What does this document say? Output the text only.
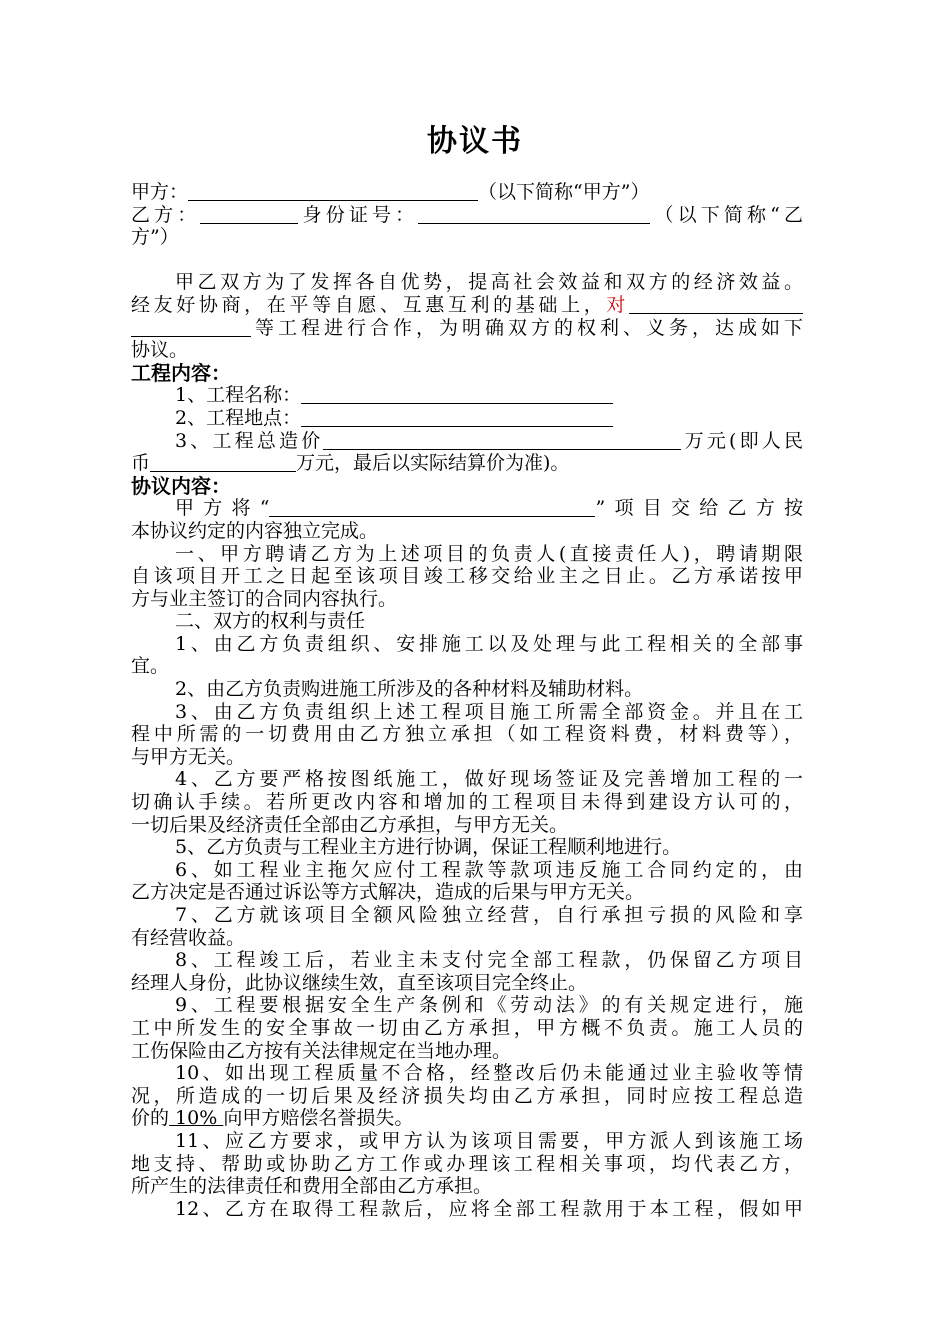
协议书
甲方：	（以下简称“甲方”）
乙方：	身份证号：	（以下简称“乙
方”）
甲乙双方为了发挥各自优势，提高社会效益和双方的经济效益。
经友好协商，在平等自愿、互惠互利的基础上，对
等工程进行合作，为明确双方的权利、义务，达成如下
协议。
工程内容：
1、工程名称：
2、工程地点：
3、工程总造价	万元(即人民
币	万元，最后以实际结算价为准)。
协议内容：
甲方将“	”项目交给乙方按
本协议约定的内容独立完成。
一、甲方聘请乙方为上述项目的负责人(直接责任人)，聘请期限
自该项目开工之日起至该项目竣工移交给业主之日止。乙方承诺按甲
方与业主签订的合同内容执行。
二、双方的权利与责任
1、由乙方负责组织、安排施工以及处理与此工程相关的全部事
宜。
2、由乙方负责购进施工所涉及的各种材料及辅助材料。
3、由乙方负责组织上述工程项目施工所需全部资金。并且在工
程中所需的一切费用由乙方独立承担（如工程资料费，材料费等），
与甲方无关。
4、乙方要严格按图纸施工，做好现场签证及完善增加工程的一
切确认手续。若所更改内容和增加的工程项目未得到建设方认可的，
一切后果及经济责任全部由乙方承担，与甲方无关。
5、乙方负责与工程业主方进行协调，保证工程顺利地进行。
6、如工程业主拖欠应付工程款等款项违反施工合同约定的，由
乙方决定是否通过诉讼等方式解决，造成的后果与甲方无关。
7、乙方就该项目全额风险独立经营，自行承担亏损的风险和享
有经营收益。
8、工程竣工后，若业主未支付完全部工程款，仍保留乙方项目
经理人身份，此协议继续生效，直至该项目完全终止。
9、工程要根据安全生产条例和《劳动法》的有关规定进行，施
工中所发生的安全事故一切由乙方承担，甲方概不负责。施工人员的
工伤保险由乙方按有关法律规定在当地办理。
10、如出现工程质量不合格，经整改后仍未能通过业主验收等情
况，所造成的一切后果及经济损失均由乙方承担，同时应按工程总造
价的 10% 向甲方赔偿名誉损失。
11、应乙方要求，或甲方认为该项目需要，甲方派人到该施工场
地支持、帮助或协助乙方工作或办理该工程相关事项，均代表乙方，
所产生的法律责任和费用全部由乙方承担。
12、乙方在取得工程款后，应将全部工程款用于本工程，假如甲
